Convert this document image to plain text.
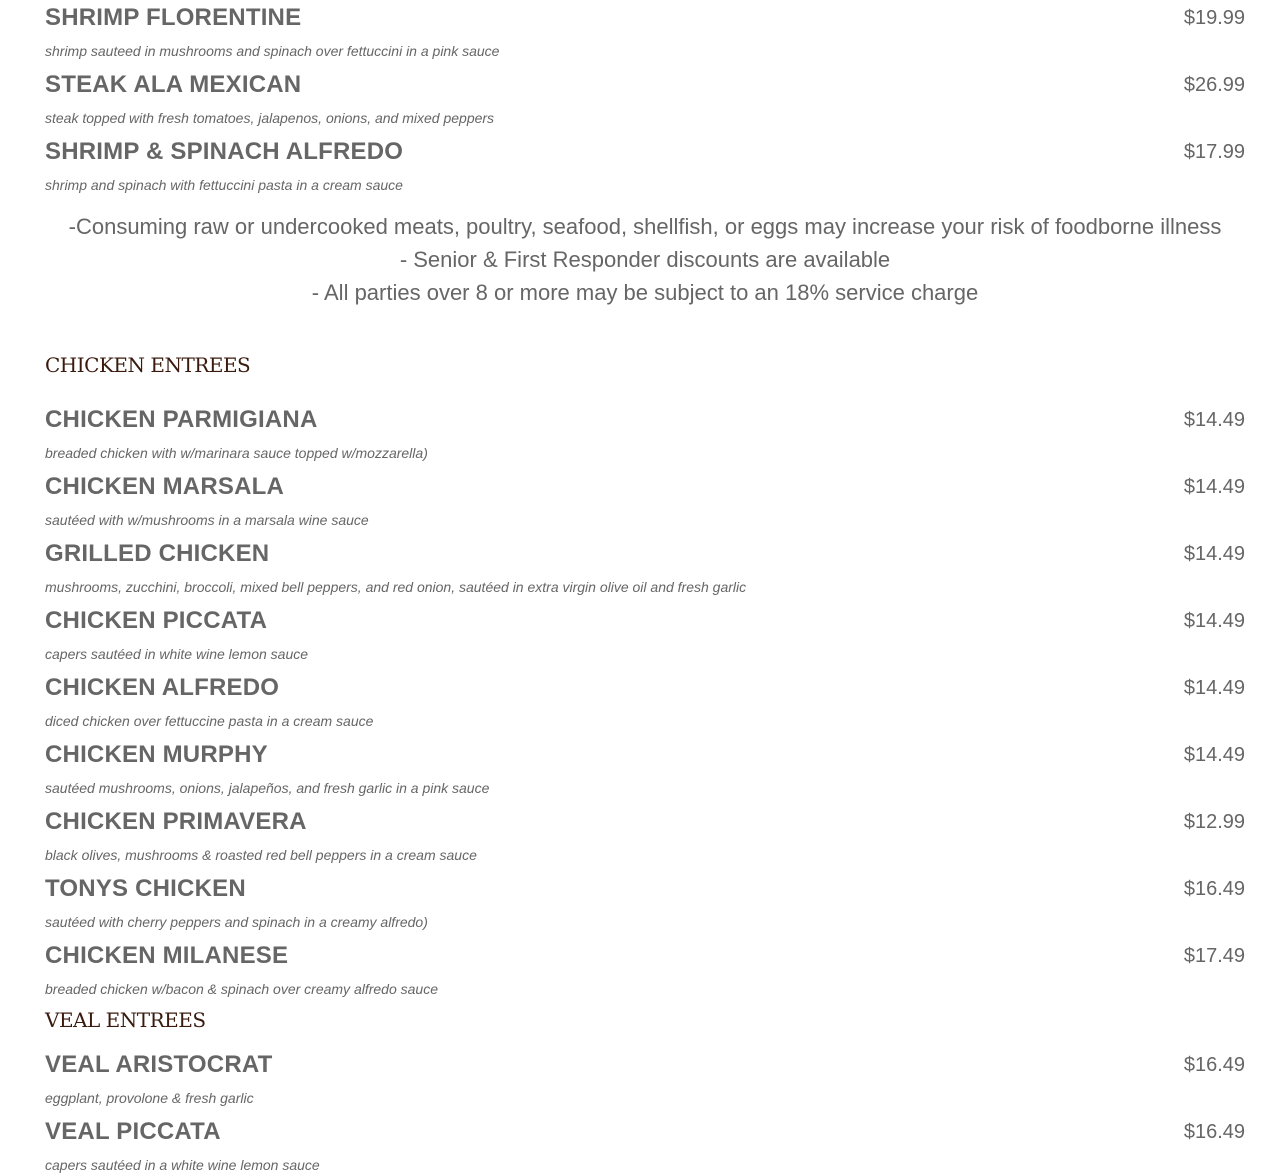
SHRIMP FLORENTINE	$19.99
shrimp sauteed in mushrooms and spinach over fettuccini in a pink sauce
STEAK ALA MEXICAN	$26.99
steak topped with fresh tomatoes, jalapenos, onions, and mixed peppers
SHRIMP & SPINACH ALFREDO	$17.99
shrimp and spinach with fettuccini pasta in a cream sauce
-Consuming raw or undercooked meats, poultry, seafood, shellfish, or eggs may increase your risk of foodborne illness
- Senior & First Responder discounts are available
- All parties over 8 or more may be subject to an 18% service charge
CHICKEN ENTREES
CHICKEN PARMIGIANA	$14.49
breaded chicken with w/marinara sauce topped w/mozzarella)
CHICKEN MARSALA	$14.49
sautéed with w/mushrooms in a marsala wine sauce
GRILLED CHICKEN	$14.49
mushrooms, zucchini, broccoli, mixed bell peppers, and red onion, sautéed in extra virgin olive oil and fresh garlic
CHICKEN PICCATA	$14.49
capers sautéed in white wine lemon sauce
CHICKEN ALFREDO	$14.49
diced chicken over fettuccine pasta in a cream sauce
CHICKEN MURPHY	$14.49
sautéed mushrooms, onions, jalapeños, and fresh garlic in a pink sauce
CHICKEN PRIMAVERA	$12.99
black olives, mushrooms & roasted red bell peppers in a cream sauce
TONYS CHICKEN	$16.49
sautéed with cherry peppers and spinach in a creamy alfredo)
CHICKEN MILANESE	$17.49
breaded chicken w/bacon & spinach over creamy alfredo sauce
VEAL ENTREES
VEAL ARISTOCRAT	$16.49
eggplant, provolone & fresh garlic
VEAL PICCATA	$16.49
capers sautéed in a white wine lemon sauce
